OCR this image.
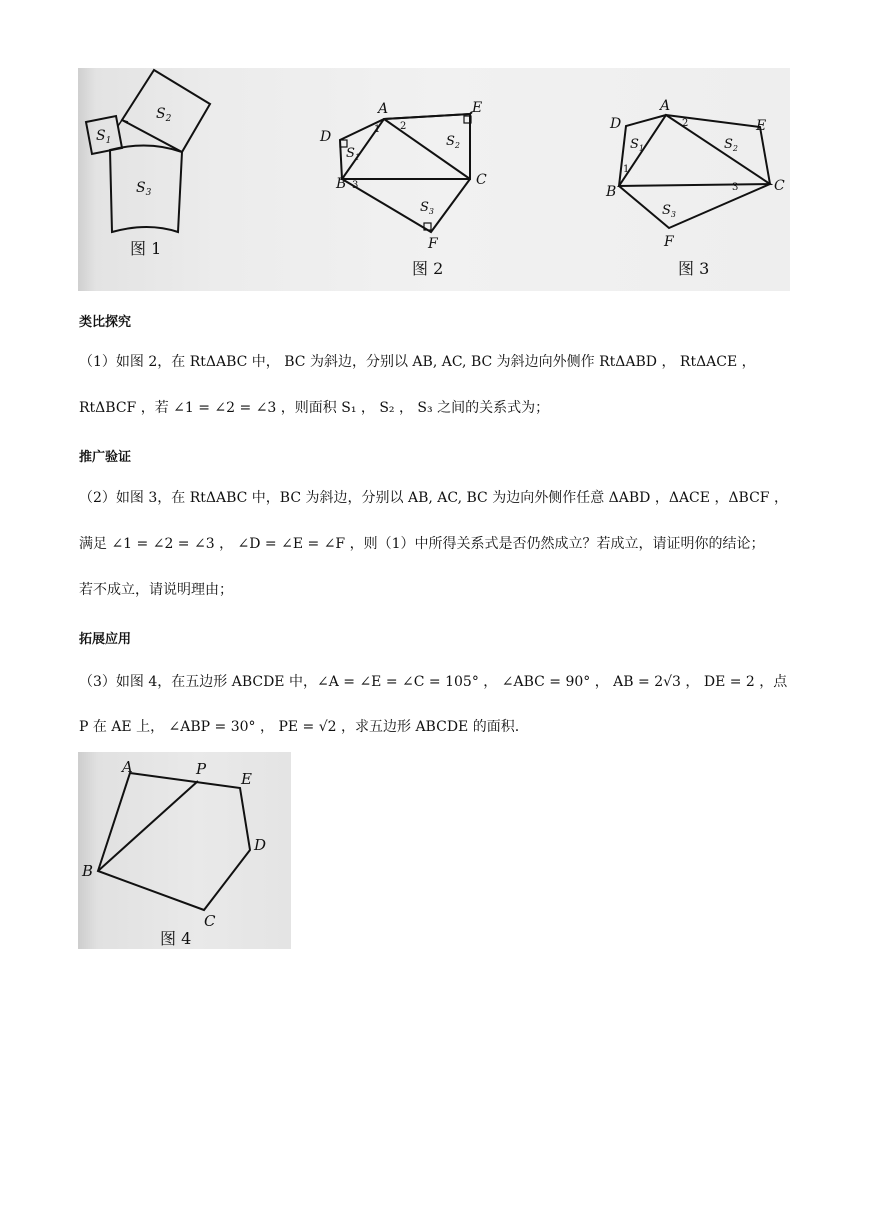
$S_1$
$S_2$
$S_3$
图 1
A	E
D
B	C
F
1 2
3
$S_1$
$S_2$
$S_3$
图 2
A
D	E
B	C
F
1
2
3
$S_1$	$S_2$
$S_3$
图 3
类比探究
（1）如图 2，在 RtΔABC 中， BC 为斜边，分别以 AB, AC, BC 为斜边向外侧作 RtΔABD ， RtΔACE ，
RtΔBCF ，若 ∠1 = ∠2 = ∠3 ，则面积 S₁ ， S₂ ， S₃ 之间的关系式为；
推广验证
（2）如图 3，在 RtΔABC 中，BC 为斜边，分别以 AB, AC, BC 为边向外侧作任意 ΔABD ，ΔACE ，ΔBCF ，
满足 ∠1 = ∠2 = ∠3 ， ∠D = ∠E = ∠F ，则（1）中所得关系式是否仍然成立？若成立，请证明你的结论；
若不成立，请说明理由；
拓展应用
（3）如图 4，在五边形 ABCDE 中，∠A = ∠E = ∠C = 105° ， ∠ABC = 90° ， AB = 2√3 ， DE = 2 ，点
P 在 AE 上， ∠ABP = 30° ， PE = √2 ，求五边形 ABCDE 的面积.
A	P
E
D
B
C
图 4
